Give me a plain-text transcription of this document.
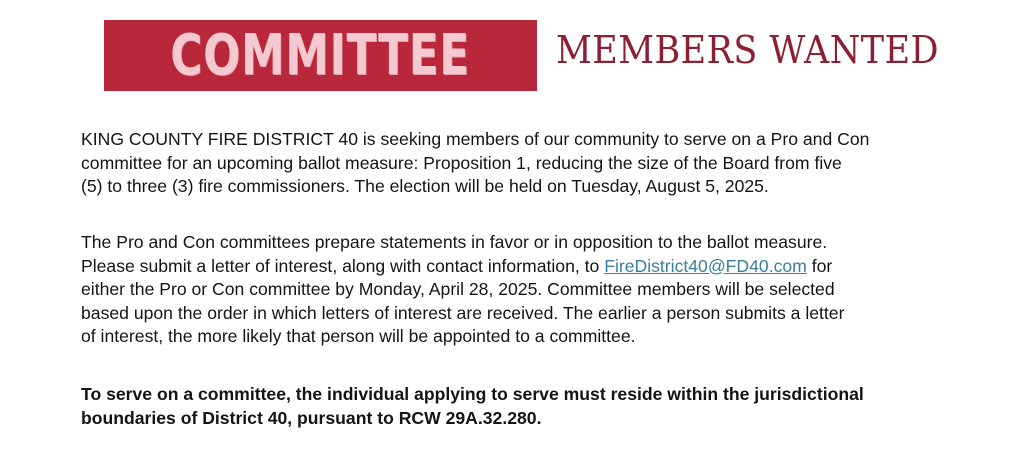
COMMITTEE MEMBERS WANTED

KING COUNTY FIRE DISTRICT 40 is seeking members of our community to serve on a Pro and Con
committee for an upcoming ballot measure: Proposition 1, reducing the size of the Board from five
(5) to three (3) fire commissioners. The election will be held on Tuesday, August 5, 2025.

The Pro and Con committees prepare statements in favor or in opposition to the ballot measure.
Please submit a letter of interest, along with contact information, to FireDistrict40@FD40.com for
either the Pro or Con committee by Monday, April 28, 2025. Committee members will be selected
based upon the order in which letters of interest are received. The earlier a person submits a letter
of interest, the more likely that person will be appointed to a committee.

To serve on a committee, the individual applying to serve must reside within the jurisdictional
boundaries of District 40, pursuant to RCW 29A.32.280.
